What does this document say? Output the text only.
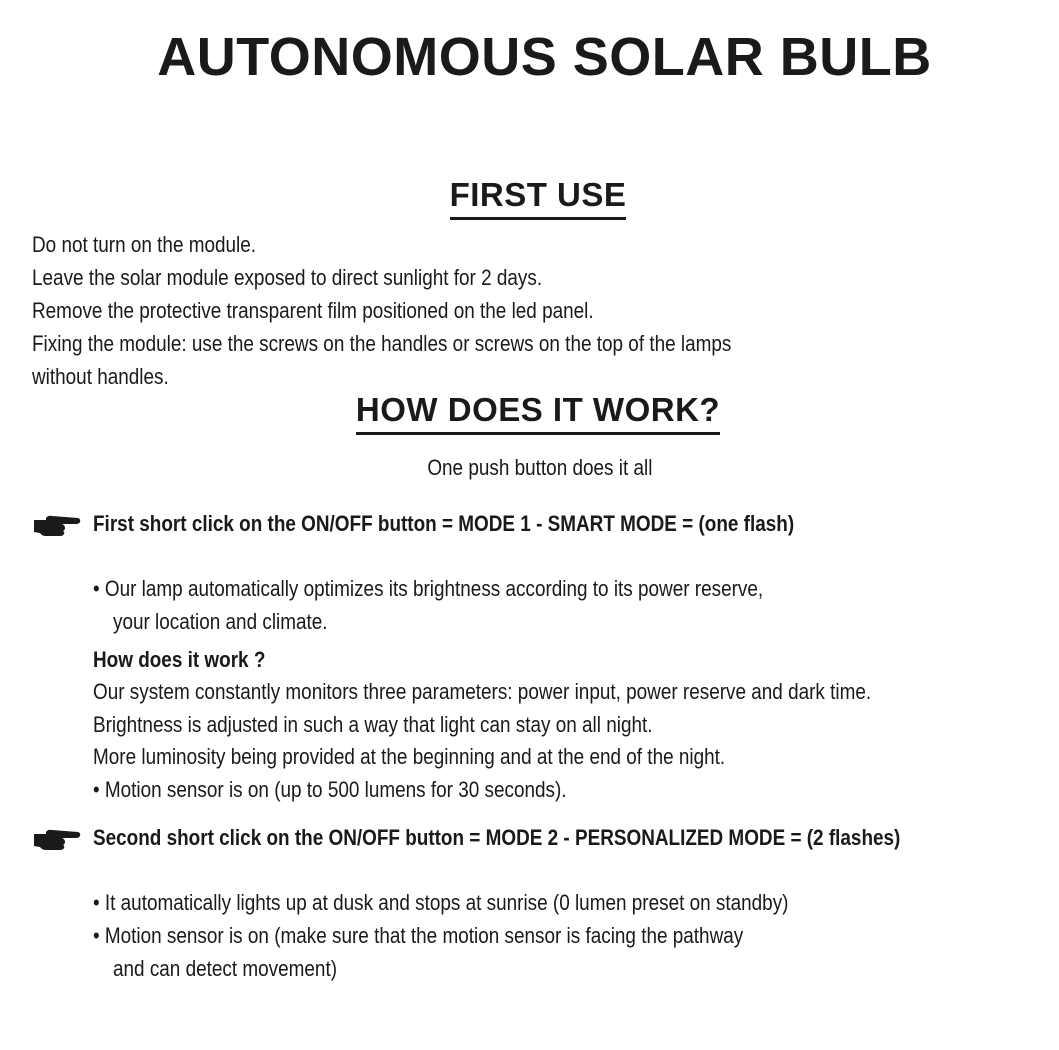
AUTONOMOUS SOLAR BULB
FIRST USE
Do not turn on the module.
Leave the solar module exposed to direct sunlight for 2 days.
Remove the protective transparent film positioned on the led panel.
Fixing the module: use the screws on the handles or screws on the top of the lamps
without handles.
HOW DOES IT WORK?
One push button does it all
First short click on the ON/OFF button = MODE 1 - SMART MODE = (one flash)
• Our lamp automatically optimizes its brightness according to its power reserve,
your location and climate.
How does it work ?
Our system constantly monitors three parameters: power input, power reserve and dark time.
Brightness is adjusted in such a way that light can stay on all night.
More luminosity being provided at the beginning and at the end of the night.
• Motion sensor is on (up to 500 lumens for 30 seconds).
Second short click on the ON/OFF button = MODE 2 - PERSONALIZED MODE = (2 flashes)
• It automatically lights up at dusk and stops at sunrise (0 lumen preset on standby)
• Motion sensor is on (make sure that the motion sensor is facing the pathway
and can detect movement)
